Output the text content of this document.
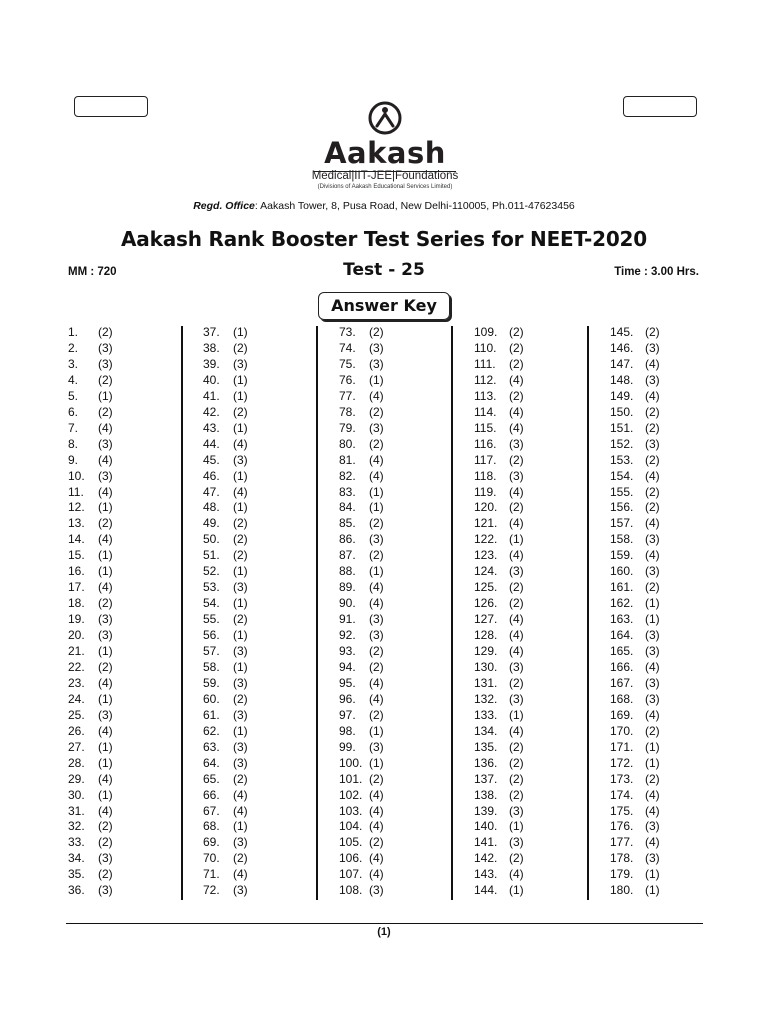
Aakash
Medical|IIT-JEE|Foundations
(Divisions of Aakash Educational Services Limited)
Regd. Office: Aakash Tower, 8, Pusa Road, New Delhi-110005, Ph.011-47623456
Aakash Rank Booster Test Series for NEET-2020
MM : 720	Test - 25	Time : 3.00 Hrs.
Answer Key
1. (2)
2. (3)
3. (3)
4. (2)
5. (1)
6. (2)
7. (4)
8. (3)
9. (4)
10. (3)
11. (4)
12. (1)
13. (2)
14. (4)
15. (1)
16. (1)
17. (4)
18. (2)
19. (3)
20. (3)
21. (1)
22. (2)
23. (4)
24. (1)
25. (3)
26. (4)
27. (1)
28. (1)
29. (4)
30. (1)
31. (4)
32. (2)
33. (2)
34. (3)
35. (2)
36. (3)
37. (1)
38. (2)
39. (3)
40. (1)
41. (1)
42. (2)
43. (1)
44. (4)
45. (3)
46. (1)
47. (4)
48. (1)
49. (2)
50. (2)
51. (2)
52. (1)
53. (3)
54. (1)
55. (2)
56. (1)
57. (3)
58. (1)
59. (3)
60. (2)
61. (3)
62. (1)
63. (3)
64. (3)
65. (2)
66. (4)
67. (4)
68. (1)
69. (3)
70. (2)
71. (4)
72. (3)
73. (2)
74. (3)
75. (3)
76. (1)
77. (4)
78. (2)
79. (3)
80. (2)
81. (4)
82. (4)
83. (1)
84. (1)
85. (2)
86. (3)
87. (2)
88. (1)
89. (4)
90. (4)
91. (3)
92. (3)
93. (2)
94. (2)
95. (4)
96. (4)
97. (2)
98. (1)
99. (3)
100. (1)
101. (2)
102. (4)
103. (4)
104. (4)
105. (2)
106. (4)
107. (4)
108. (3)
109. (2)
110. (2)
111. (2)
112. (4)
113. (2)
114. (4)
115. (4)
116. (3)
117. (2)
118. (3)
119. (4)
120. (2)
121. (4)
122. (1)
123. (4)
124. (3)
125. (2)
126. (2)
127. (4)
128. (4)
129. (4)
130. (3)
131. (2)
132. (3)
133. (1)
134. (4)
135. (2)
136. (2)
137. (2)
138. (2)
139. (3)
140. (1)
141. (3)
142. (2)
143. (4)
144. (1)
145. (2)
146. (3)
147. (4)
148. (3)
149. (4)
150. (2)
151. (2)
152. (3)
153. (2)
154. (4)
155. (2)
156. (2)
157. (4)
158. (3)
159. (4)
160. (3)
161. (2)
162. (1)
163. (1)
164. (3)
165. (3)
166. (4)
167. (3)
168. (3)
169. (4)
170. (2)
171. (1)
172. (1)
173. (2)
174. (4)
175. (4)
176. (3)
177. (4)
178. (3)
179. (1)
180. (1)
(1)
